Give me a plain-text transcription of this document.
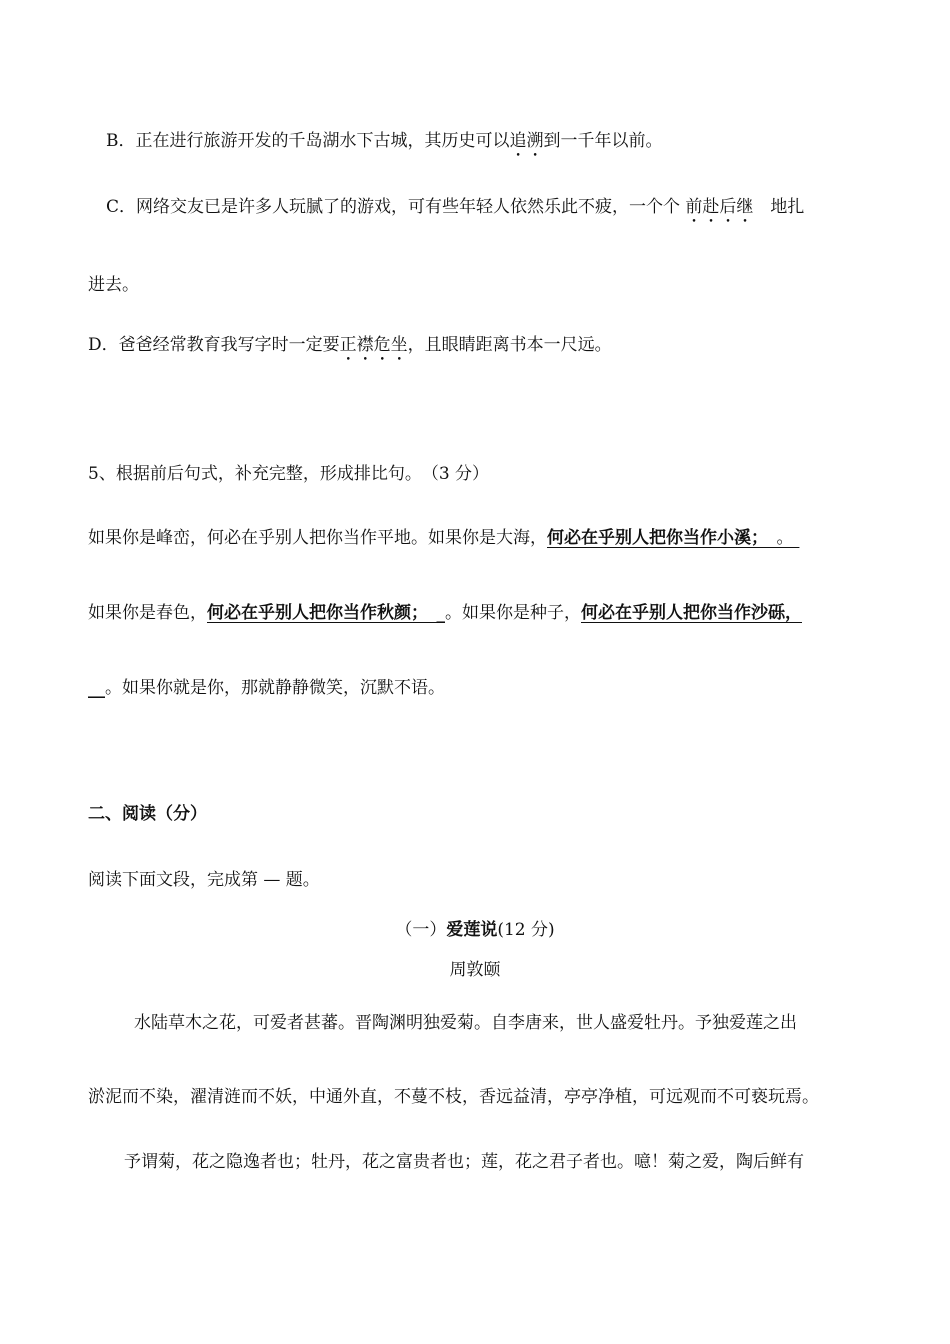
B．正在进行旅游开发的千岛湖水下古城，其历史可以追溯到一千年以前。
C．网络交友已是许多人玩腻了的游戏，可有些年轻人依然乐此不疲，一个个 前赴后继　地扎
进去。
D．爸爸经常教育我写字时一定要正襟危坐，且眼睛距离书本一尺远。
5、根据前后句式，补充完整，形成排比句。　（3 分）
如果你是峰峦，何必在乎别人把你当作平地。如果你是大海，何必在乎别人把你当作小溪；　。
如果你是春色，何必在乎别人把你当作秋颜；　_。如果你是种子，何必在乎别人把你当作沙砾，
__。如果你就是你，那就静静微笑，沉默不语。
二、阅读（分）
阅读下面文段，完成第 — 题。
（一）爱莲说(12 分)
周敦颐
水陆草木之花，可爱者甚蕃。晋陶渊明独爱菊。自李唐来，世人盛爱牡丹。予独爱莲之出
淤泥而不染，濯清涟而不妖，中通外直，不蔓不枝，香远益清，亭亭净植，可远观而不可亵玩焉。
予谓菊，花之隐逸者也；牡丹，花之富贵者也；莲，花之君子者也。噫！菊之爱，陶后鲜有
